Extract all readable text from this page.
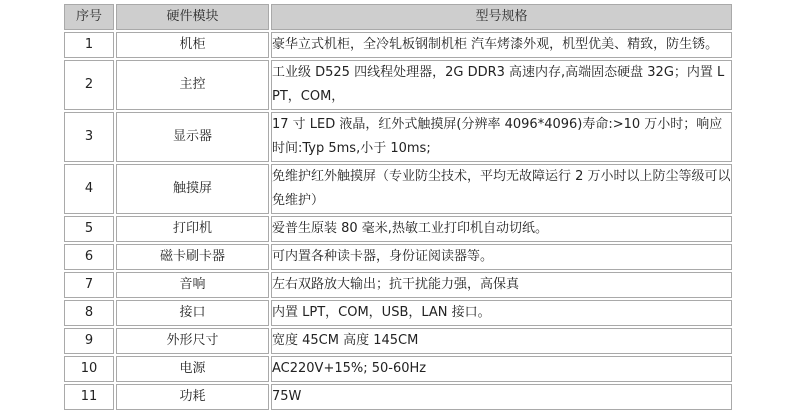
序号	硬件模块	型号规格
1	机柜	豪华立式机柜，全冷轧板钢制机柜 汽车烤漆外观，机型优美、精致，防生锈。
2	主控	工业级 D525 四线程处理器，2G DDR3 高速内存,高端固态硬盘 32G；内置 LPT，COM，
3	显示器	17 寸 LED 液晶，红外式触摸屏(分辨率 4096*4096)寿命:>10 万小时；响应时间:Typ 5ms,小于 10ms;
4	触摸屏	免维护红外触摸屏（专业防尘技术，平均无故障运行 2 万小时以上防尘等级可以免维护）
5	打印机	爱普生原装 80 毫米,热敏工业打印机自动切纸。
6	磁卡刷卡器	可内置各种读卡器，身份证阅读器等。
7	音响	左右双路放大输出；抗干扰能力强，高保真
8	接口	内置 LPT，COM，USB，LAN 接口。
9	外形尺寸	宽度 45CM 高度 145CM
10	电源	AC220V+15%; 50-60Hz
11	功耗	75W
